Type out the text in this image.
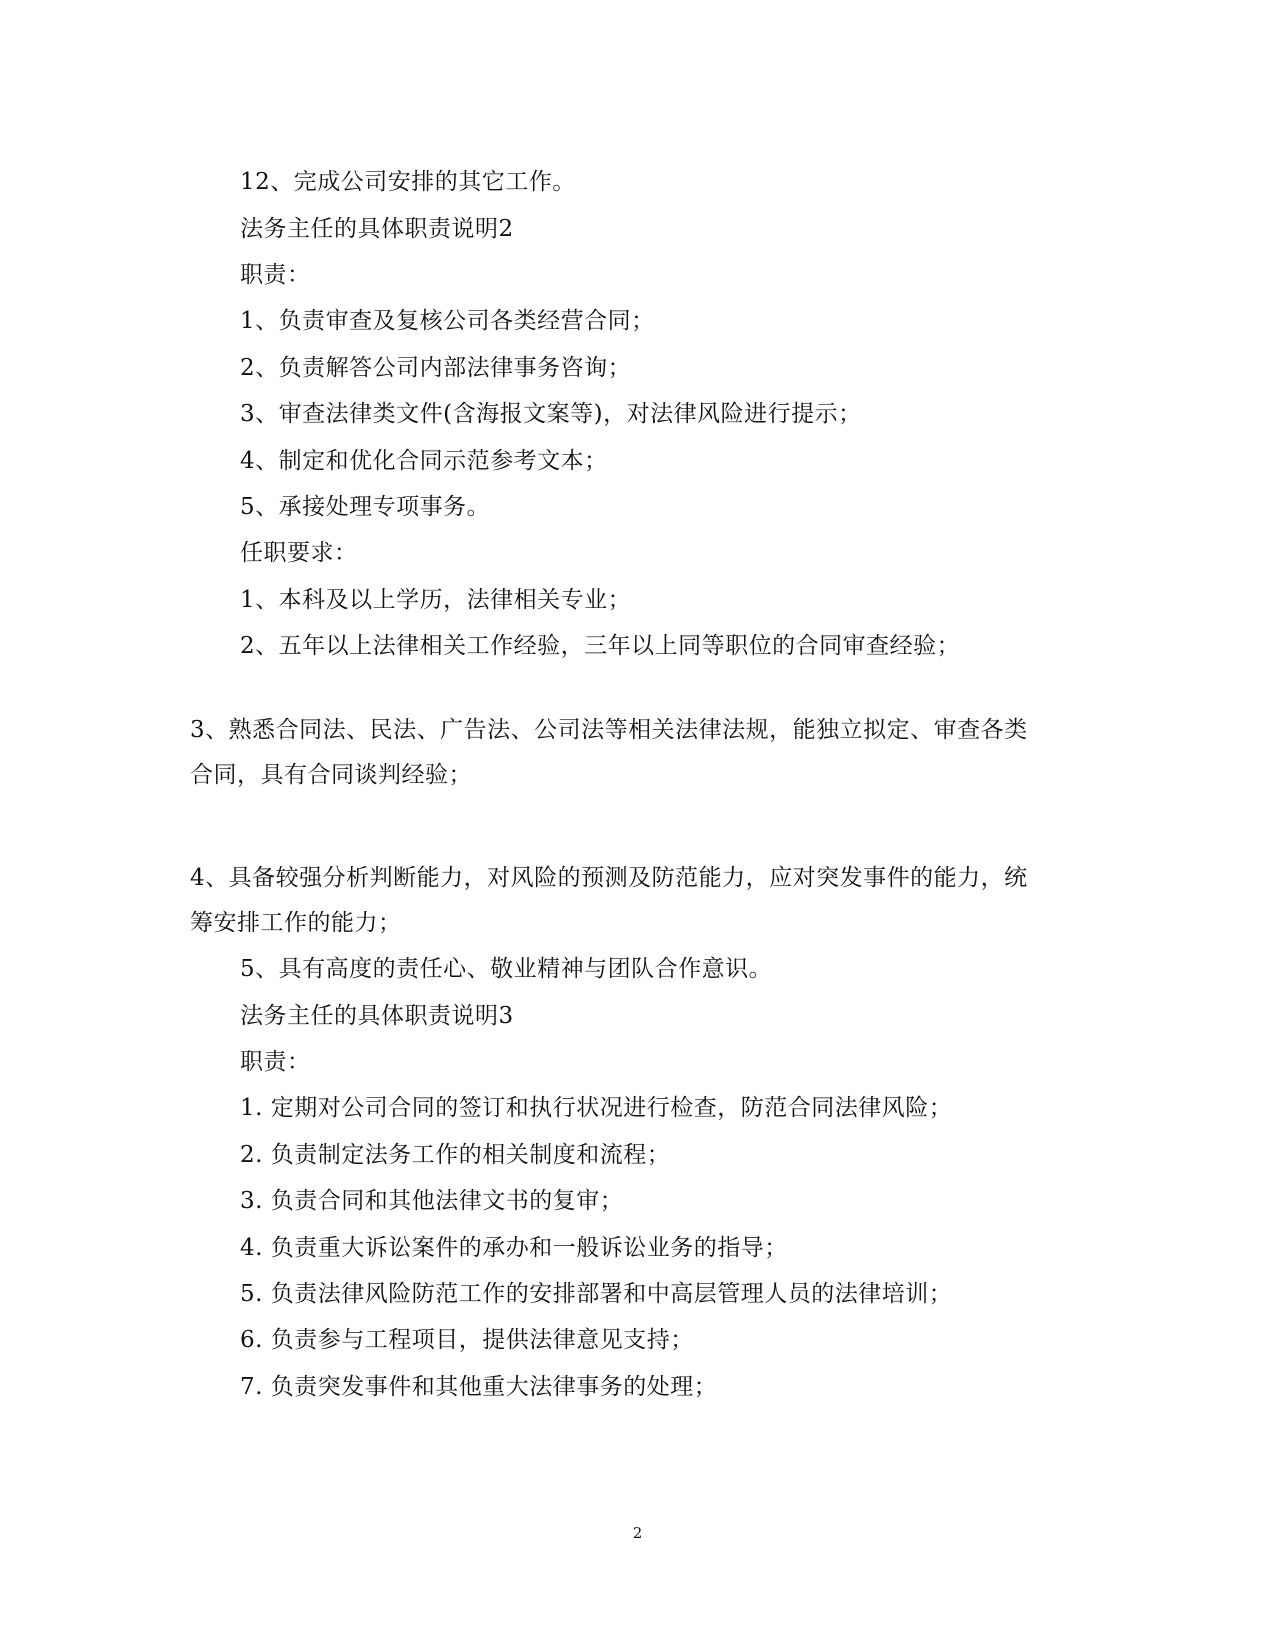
12、完成公司安排的其它工作。
法务主任的具体职责说明2
职责：
1、负责审查及复核公司各类经营合同；
2、负责解答公司内部法律事务咨询；
3、审查法律类文件(含海报文案等)，对法律风险进行提示；
4、制定和优化合同示范参考文本；
5、承接处理专项事务。
任职要求：
1、本科及以上学历，法律相关专业；
2、五年以上法律相关工作经验，三年以上同等职位的合同审查经验；
3、熟悉合同法、民法、广告法、公司法等相关法律法规，能独立拟定、审查各类
合同，具有合同谈判经验；
4、具备较强分析判断能力，对风险的预测及防范能力，应对突发事件的能力，统
筹安排工作的能力；
5、具有高度的责任心、敬业精神与团队合作意识。
法务主任的具体职责说明3
职责：
1. 定期对公司合同的签订和执行状况进行检查，防范合同法律风险；
2. 负责制定法务工作的相关制度和流程；
3. 负责合同和其他法律文书的复审；
4. 负责重大诉讼案件的承办和一般诉讼业务的指导；
5. 负责法律风险防范工作的安排部署和中高层管理人员的法律培训；
6. 负责参与工程项目，提供法律意见支持；
7. 负责突发事件和其他重大法律事务的处理；
2
